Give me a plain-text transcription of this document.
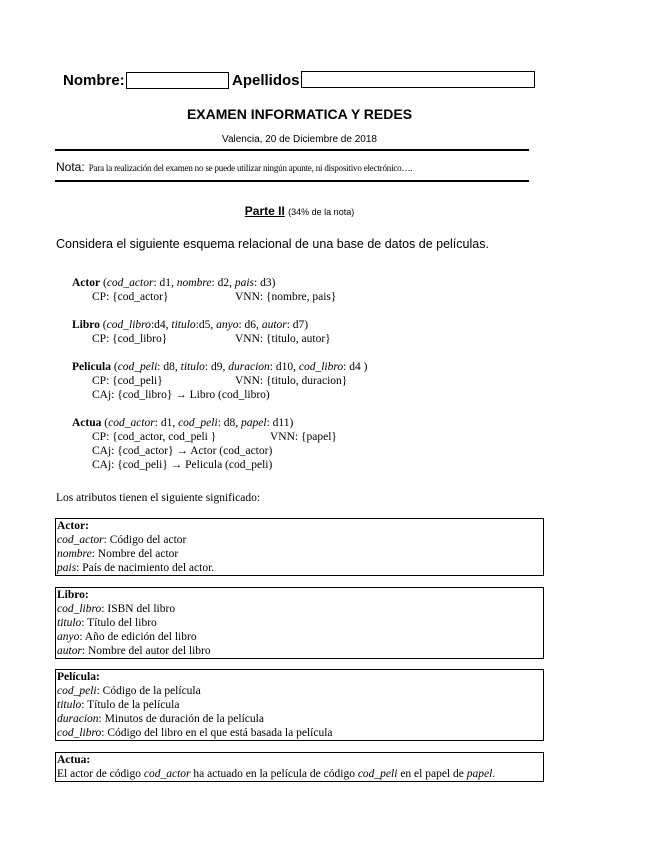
Nombre:	Apellidos
EXAMEN INFORMATICA Y REDES
Valencia, 20 de Diciembre de 2018
Nota: Para la realización del examen no se puede utilizar ningún apunte, ni dispositivo electrónico….
Parte II (34% de la nota)
Considera el siguiente esquema relacional de una base de datos de películas.
Actor (cod_actor: d1, nombre: d2, pais: d3)
CP: {cod_actor}	VNN: {nombre, pais}
Libro (cod_libro:d4, titulo:d5, anyo: d6, autor: d7)
CP: {cod_libro}	VNN: {titulo, autor}
Pelicula (cod_peli: d8, titulo: d9, duracion: d10, cod_libro: d4 )
CP: {cod_peli}	VNN: {titulo, duracion}
CAj: {cod_libro} → Libro (cod_libro)
Actua (cod_actor: d1, cod_peli: d8, papel: d11)
CP: {cod_actor, cod_peli }	VNN: {papel}
CAj: {cod_actor} → Actor (cod_actor)
CAj: {cod_peli} → Pelicula (cod_peli)
Los atributos tienen el siguiente significado:
Actor:
cod_actor: Código del actor
nombre: Nombre del actor
pais: País de nacimiento del actor.
Libro:
cod_libro: ISBN del libro
titulo: Título del libro
anyo: Año de edición del libro
autor: Nombre del autor del libro
Película:
cod_peli: Código de la película
titulo: Título de la película
duracion: Minutos de duración de la película
cod_libro: Código del libro en el que está basada la película
Actua:
El actor de código cod_actor ha actuado en la película de código cod_peli en el papel de papel.
